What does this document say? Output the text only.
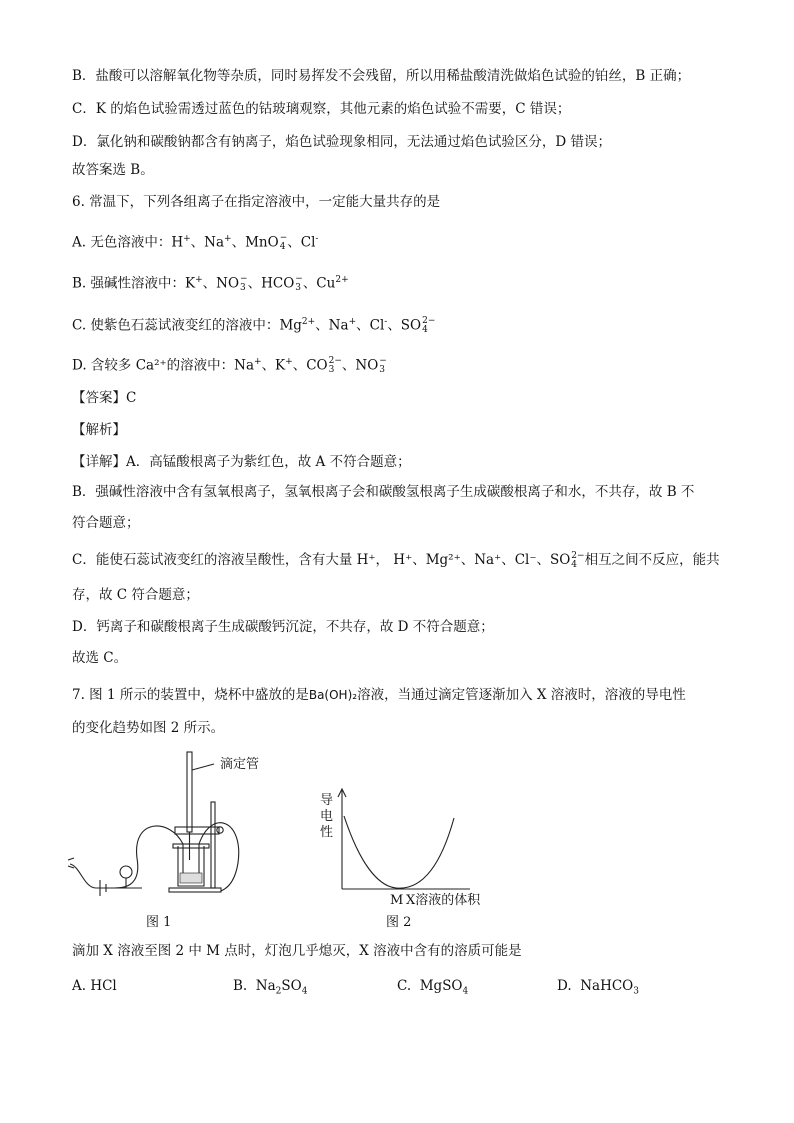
B．盐酸可以溶解氧化物等杂质，同时易挥发不会残留，所以用稀盐酸清洗做焰色试验的铂丝，B 正确；
C．K 的焰色试验需透过蓝色的钴玻璃观察，其他元素的焰色试验不需要，C 错误；
D．氯化钠和碳酸钠都含有钠离子，焰色试验现象相同，无法通过焰色试验区分，D 错误；
故答案选 B。
6. 常温下，下列各组离子在指定溶液中，一定能大量共存的是
A. 无色溶液中：H+、Na+、MnO −
4 、Cl-
B. 强碱性溶液中：K+、NO −
3 、HCO −
3 、$Cu^{2+}$
C. 使紫色石蕊试液变红的溶液中：$Mg^{2+}$、Na+、Cl-、SO 2−
4
D. 含较多 Ca²⁺的溶液中：Na+、K+、CO 2−
3 、NO −
3
【答案】C
【解析】
【详解】A．高锰酸根离子为紫红色，故 A 不符合题意；
B．强碱性溶液中含有氢氧根离子，氢氧根离子会和碳酸氢根离子生成碳酸根离子和水，不共存，故 B 不
符合题意；
C．能使石蕊试液变红的溶液呈酸性，含有大量 H⁺， H⁺、Mg²⁺、Na⁺、Cl⁻、SO 2−
4 相互之间不反应，能共
存，故 C 符合题意；
D．钙离子和碳酸根离子生成碳酸钙沉淀，不共存，故 D 不符合题意；
故选 C。
7. 图 1 所示的装置中，烧杯中盛放的是Ba(OH)₂溶液，当通过滴定管逐渐加入 X 溶液时，溶液的导电性
的变化趋势如图 2 所示。
滴定管
图 1
导
电
性
M X溶液的体积
图 2
滴加 X 溶液至图 2 中 M 点时，灯泡几乎熄灭，X 溶液中含有的溶质可能是
A. HCl	B.  $Na_2SO_4$	C.  MgSO$_4$	D.  NaHCO$_3$
